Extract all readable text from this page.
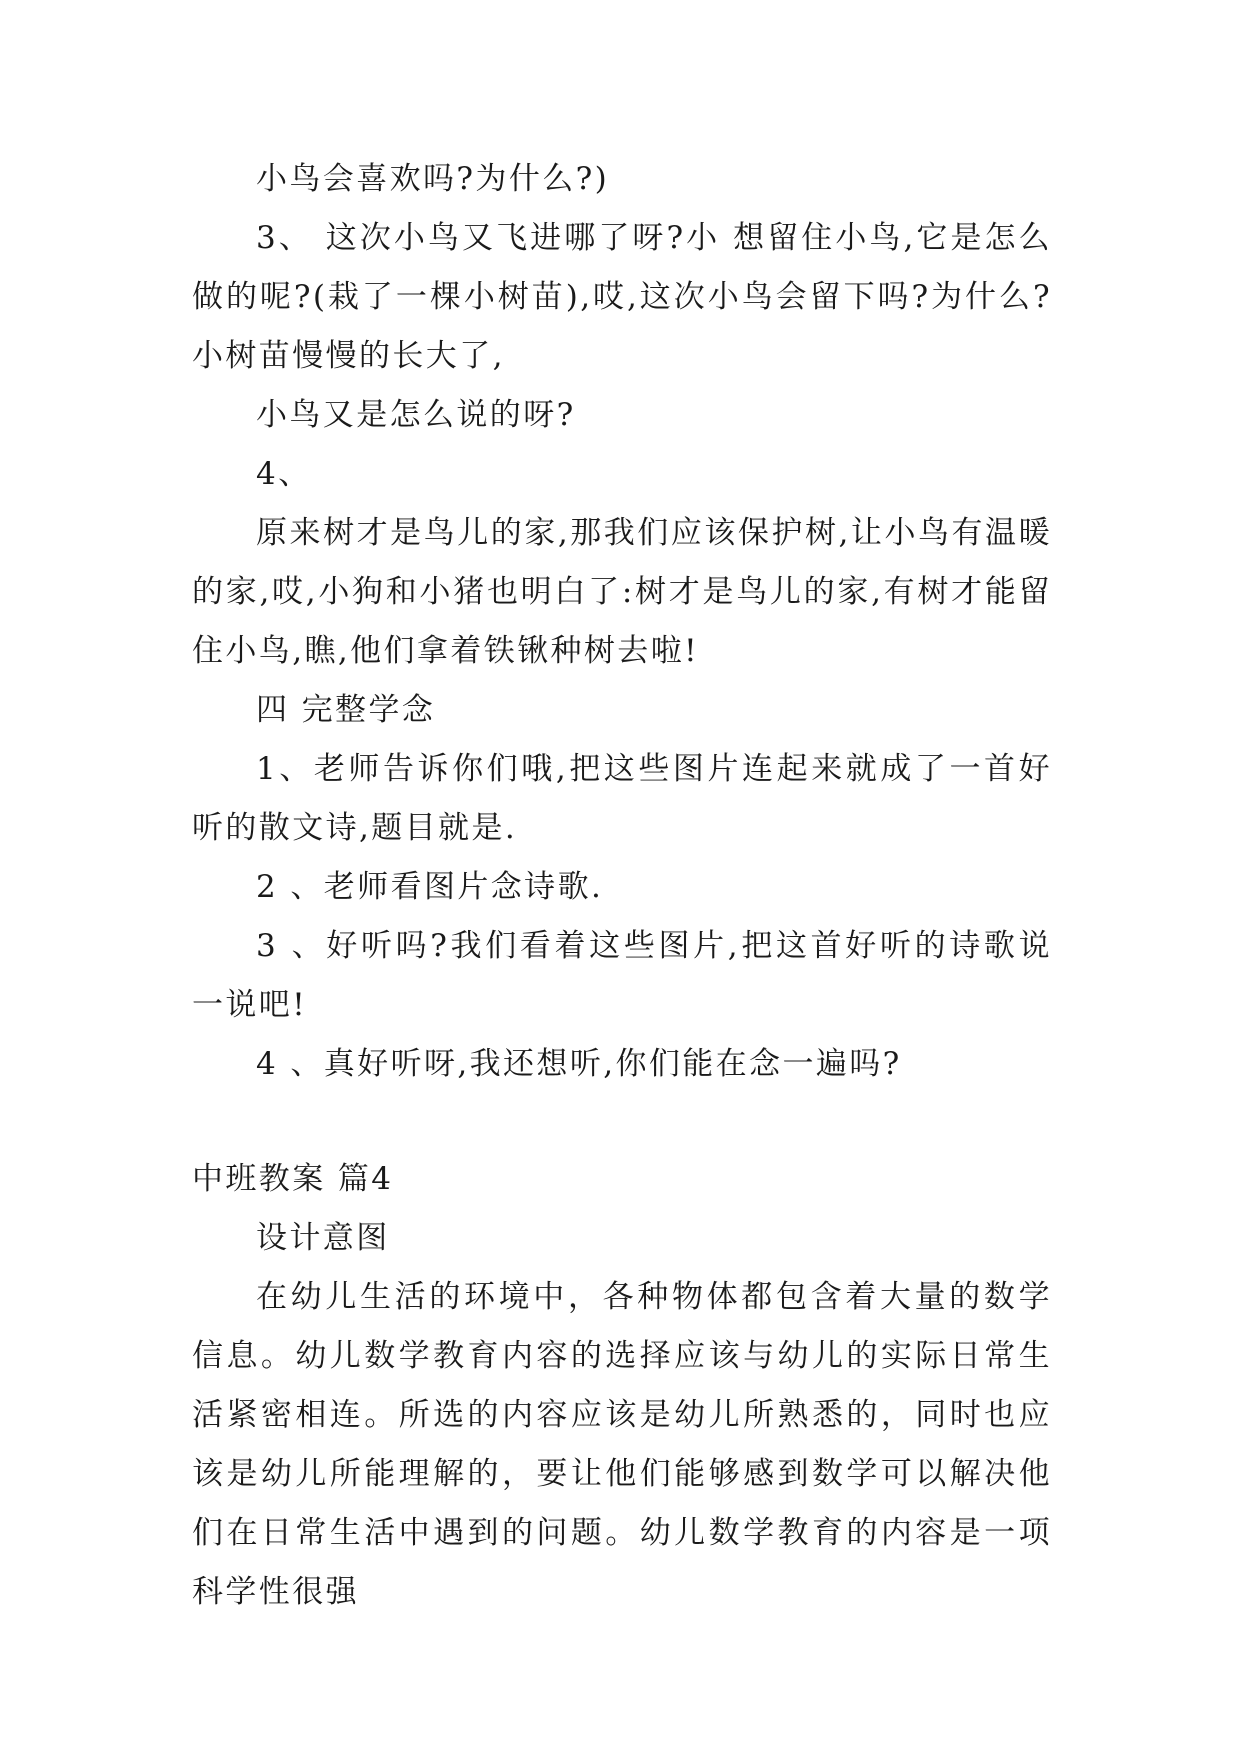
小鸟会喜欢吗?为什么?)

3、 这次小鸟又飞进哪了呀?小 想留住小鸟,它是怎么做的呢?(栽了一棵小树苗),哎,这次小鸟会留下吗?为什么?小树苗慢慢的长大了,

小鸟又是怎么说的呀?

4、

原来树才是鸟儿的家,那我们应该保护树,让小鸟有温暖的家,哎,小狗和小猪也明白了:树才是鸟儿的家,有树才能留住小鸟,瞧,他们拿着铁锹种树去啦!

四 完整学念

1、老师告诉你们哦,把这些图片连起来就成了一首好听的散文诗,题目就是.

2 、老师看图片念诗歌.

3 、好听吗?我们看着这些图片,把这首好听的诗歌说一说吧!

4 、真好听呀,我还想听,你们能在念一遍吗?

中班教案 篇4

设计意图

在幼儿生活的环境中，各种物体都包含着大量的数学信息。幼儿数学教育内容的选择应该与幼儿的实际日常生活紧密相连。所选的内容应该是幼儿所熟悉的，同时也应该是幼儿所能理解的，要让他们能够感到数学可以解决他们在日常生活中遇到的问题。幼儿数学教育的内容是一项科学性很强
